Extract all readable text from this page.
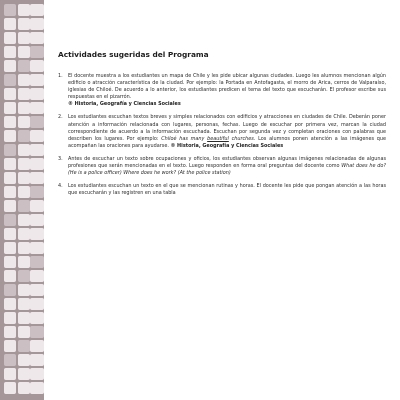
Actividades sugeridas del Programa
1.	El docente muestra a los estudiantes un mapa de Chile y les pide ubicar algunas ciudades. Luego les alumnos mencionan algún edificio o atracción característica de la ciudad. Por ejemplo: la Portada en Antofagasta, el morro de Arica, cerros de Valparaíso, iglesias de Chiloé. De acuerdo a lo anterior, los estudiantes predicen el tema del texto que escucharán. El profesor escribe sus respuestas en el pizarrón.
® Historia, Geografía y Ciencias Sociales
2.	Los estudiantes escuchan textos breves y simples relacionados con edificios y atracciones en ciudades de Chile. Deberán poner atención a información relacionada con lugares, personas, fechas. Luego de escuchar por primera vez, marcan la ciudad correspondiente de acuerdo a la información escuchada. Escuchan por segunda vez y completan oraciones con palabras que describen los lugares. Por ejemplo: Chiloé has many beautiful churches. Los alumnos ponen atención a las imágenes que acompañan las oraciones para ayudarse. ® Historia, Geografía y Ciencias Sociales
3.	Antes de escuchar un texto sobre ocupaciones y oficios, los estudiantes observan algunas imágenes relacionadas de algunas profesiones que serán mencionadas en el texto. Luego responden en forma oral preguntas del docente como What does he do? (He is a police officer) Where does he work? (At the police station)
4.	Los estudiantes escuchan un texto en el que se mencionan rutinas y horas. El docente les pide que pongan atención a las horas que escucharán y las registren en una tabla
